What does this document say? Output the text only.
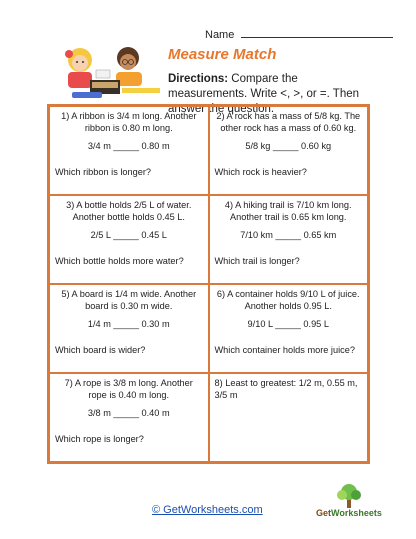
Name
Measure Match
Directions: Compare the measurements. Write <, >, or =. Then answer the question.
1) A ribbon is 3/4 m long. Another ribbon is 0.80 m long.
3/4 m _____ 0.80 m
Which ribbon is longer?
2) A rock has a mass of 5/8 kg. The other rock has a mass of 0.60 kg.
5/8 kg _____ 0.60 kg
Which rock is heavier?
3) A bottle holds 2/5 L of water. Another bottle holds 0.45 L.
2/5 L _____ 0.45 L
Which bottle holds more water?
4) A hiking trail is 7/10 km long. Another trail is 0.65 km long.
7/10 km _____ 0.65 km
Which trail is longer?
5) A board is 1/4 m wide. Another board is 0.30 m wide.
1/4 m _____ 0.30 m
Which board is wider?
6) A container holds 9/10 L of juice. Another holds 0.95 L.
9/10 L _____ 0.95 L
Which container holds more juice?
7) A rope is 3/8 m long. Another rope is 0.40 m long.
3/8 m _____ 0.40 m
Which rope is longer?
8) Least to greatest: 1/2 m, 0.55 m, 3/5 m
© GetWorksheets.com	GetWorksheets
